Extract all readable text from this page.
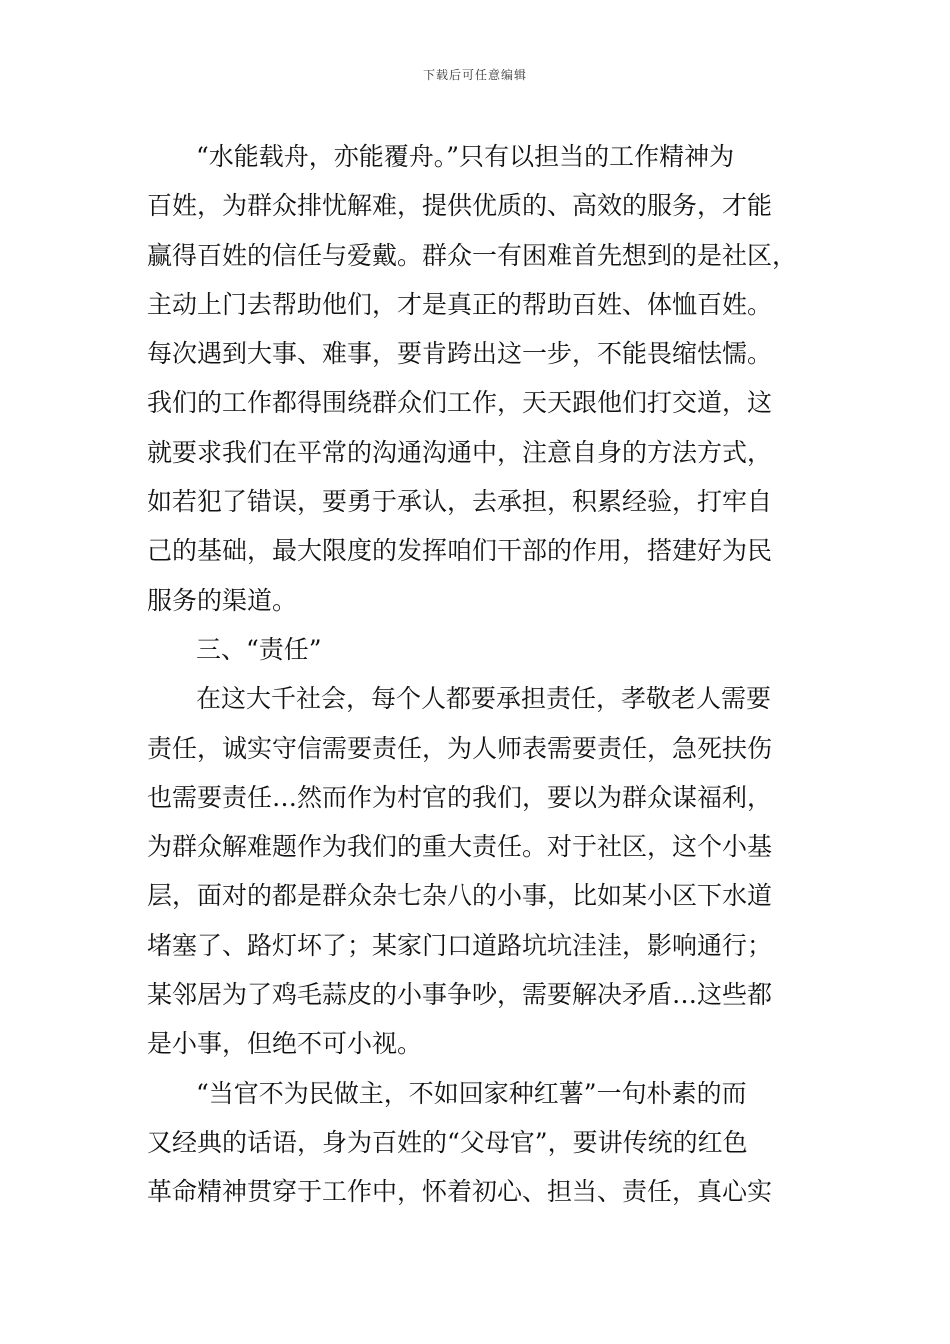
下载后可任意编辑
“水能载舟，亦能覆舟。”只有以担当的工作精神为
百姓，为群众排忧解难，提供优质的、高效的服务，才能
赢得百姓的信任与爱戴。群众一有困难首先想到的是社区，
主动上门去帮助他们，才是真正的帮助百姓、体恤百姓。
每次遇到大事、难事，要肯跨出这一步，不能畏缩怯懦。
我们的工作都得围绕群众们工作，天天跟他们打交道，这
就要求我们在平常的沟通沟通中，注意自身的方法方式，
如若犯了错误，要勇于承认，去承担，积累经验，打牢自
己的基础，最大限度的发挥咱们干部的作用，搭建好为民
服务的渠道。
三、“责任”
在这大千社会，每个人都要承担责任，孝敬老人需要
责任，诚实守信需要责任，为人师表需要责任，急死扶伤
也需要责任…然而作为村官的我们，要以为群众谋福利，
为群众解难题作为我们的重大责任。对于社区，这个小基
层，面对的都是群众杂七杂八的小事，比如某小区下水道
堵塞了、路灯坏了；某家门口道路坑坑洼洼，影响通行；
某邻居为了鸡毛蒜皮的小事争吵，需要解决矛盾…这些都
是小事，但绝不可小视。
“当官不为民做主，不如回家种红薯”一句朴素的而
又经典的话语，身为百姓的“父母官”，要讲传统的红色
革命精神贯穿于工作中，怀着初心、担当、责任，真心实
